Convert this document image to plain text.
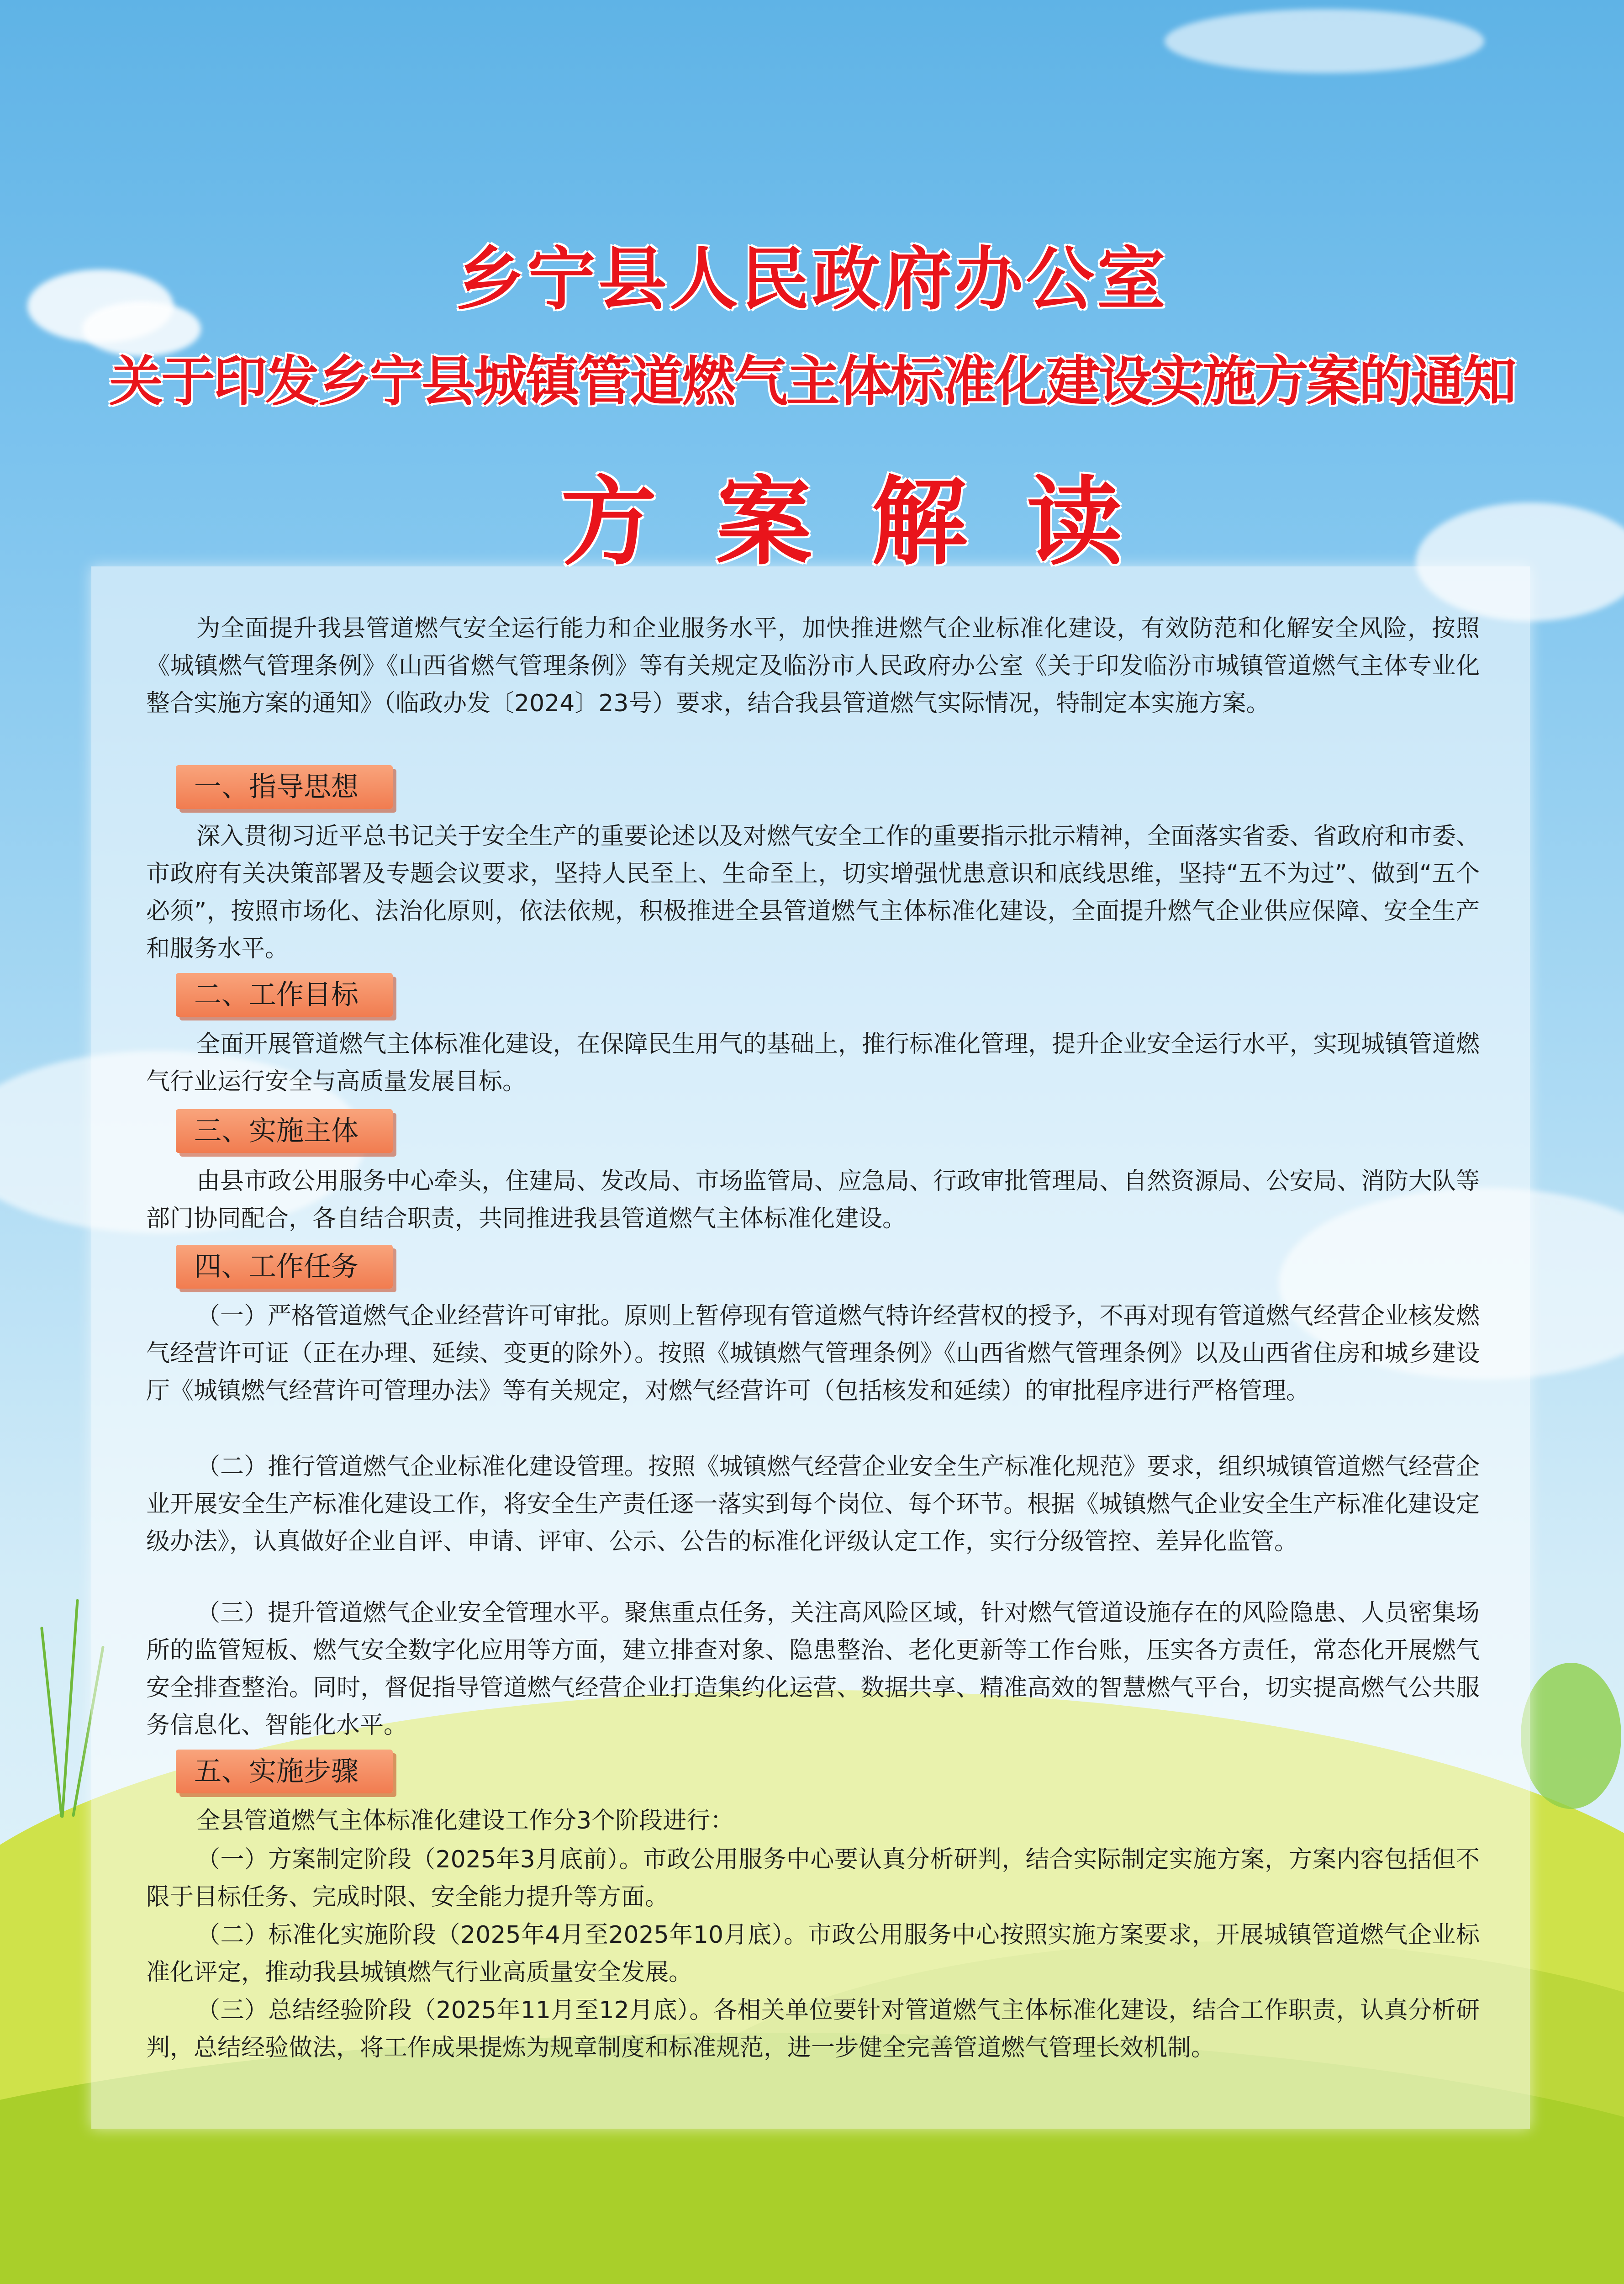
乡宁县人民政府办公室
关于印发乡宁县城镇管道燃气主体标准化建设实施方案的通知
方案解读
为全面提升我县管道燃气安全运行能力和企业服务水平，加快推进燃气企业标准化建设，有效防范和化解安全风险，按照《城镇燃气管理条例》《山西省燃气管理条例》等有关规定及临汾市人民政府办公室《关于印发临汾市城镇管道燃气主体专业化整合实施方案的通知》（临政办发〔2024〕23号）要求，结合我县管道燃气实际情况，特制定本实施方案。
一、指导思想
深入贯彻习近平总书记关于安全生产的重要论述以及对燃气安全工作的重要指示批示精神，全面落实省委、省政府和市委、市政府有关决策部署及专题会议要求，坚持人民至上、生命至上，切实增强忧患意识和底线思维，坚持“五不为过”、做到“五个必须”，按照市场化、法治化原则，依法依规，积极推进全县管道燃气主体标准化建设，全面提升燃气企业供应保障、安全生产和服务水平。
二、工作目标
全面开展管道燃气主体标准化建设，在保障民生用气的基础上，推行标准化管理，提升企业安全运行水平，实现城镇管道燃气行业运行安全与高质量发展目标。
三、实施主体
由县市政公用服务中心牵头，住建局、发改局、市场监管局、应急局、行政审批管理局、自然资源局、公安局、消防大队等部门协同配合，各自结合职责，共同推进我县管道燃气主体标准化建设。
四、工作任务
（一）严格管道燃气企业经营许可审批。原则上暂停现有管道燃气特许经营权的授予，不再对现有管道燃气经营企业核发燃气经营许可证（正在办理、延续、变更的除外）。按照《城镇燃气管理条例》《山西省燃气管理条例》以及山西省住房和城乡建设厅《城镇燃气经营许可管理办法》等有关规定，对燃气经营许可（包括核发和延续）的审批程序进行严格管理。
（二）推行管道燃气企业标准化建设管理。按照《城镇燃气经营企业安全生产标准化规范》要求，组织城镇管道燃气经营企业开展安全生产标准化建设工作，将安全生产责任逐一落实到每个岗位、每个环节。根据《城镇燃气企业安全生产标准化建设定级办法》，认真做好企业自评、申请、评审、公示、公告的标准化评级认定工作，实行分级管控、差异化监管。
（三）提升管道燃气企业安全管理水平。聚焦重点任务，关注高风险区域，针对燃气管道设施存在的风险隐患、人员密集场所的监管短板、燃气安全数字化应用等方面，建立排查对象、隐患整治、老化更新等工作台账，压实各方责任，常态化开展燃气安全排查整治。同时，督促指导管道燃气经营企业打造集约化运营、数据共享、精准高效的智慧燃气平台，切实提高燃气公共服务信息化、智能化水平。
五、实施步骤
全县管道燃气主体标准化建设工作分3个阶段进行：
（一）方案制定阶段（2025年3月底前）。市政公用服务中心要认真分析研判，结合实际制定实施方案，方案内容包括但不限于目标任务、完成时限、安全能力提升等方面。
（二）标准化实施阶段（2025年4月至2025年10月底）。市政公用服务中心按照实施方案要求，开展城镇管道燃气企业标准化评定，推动我县城镇燃气行业高质量安全发展。
（三）总结经验阶段（2025年11月至12月底）。各相关单位要针对管道燃气主体标准化建设，结合工作职责，认真分析研判，总结经验做法，将工作成果提炼为规章制度和标准规范，进一步健全完善管道燃气管理长效机制。
